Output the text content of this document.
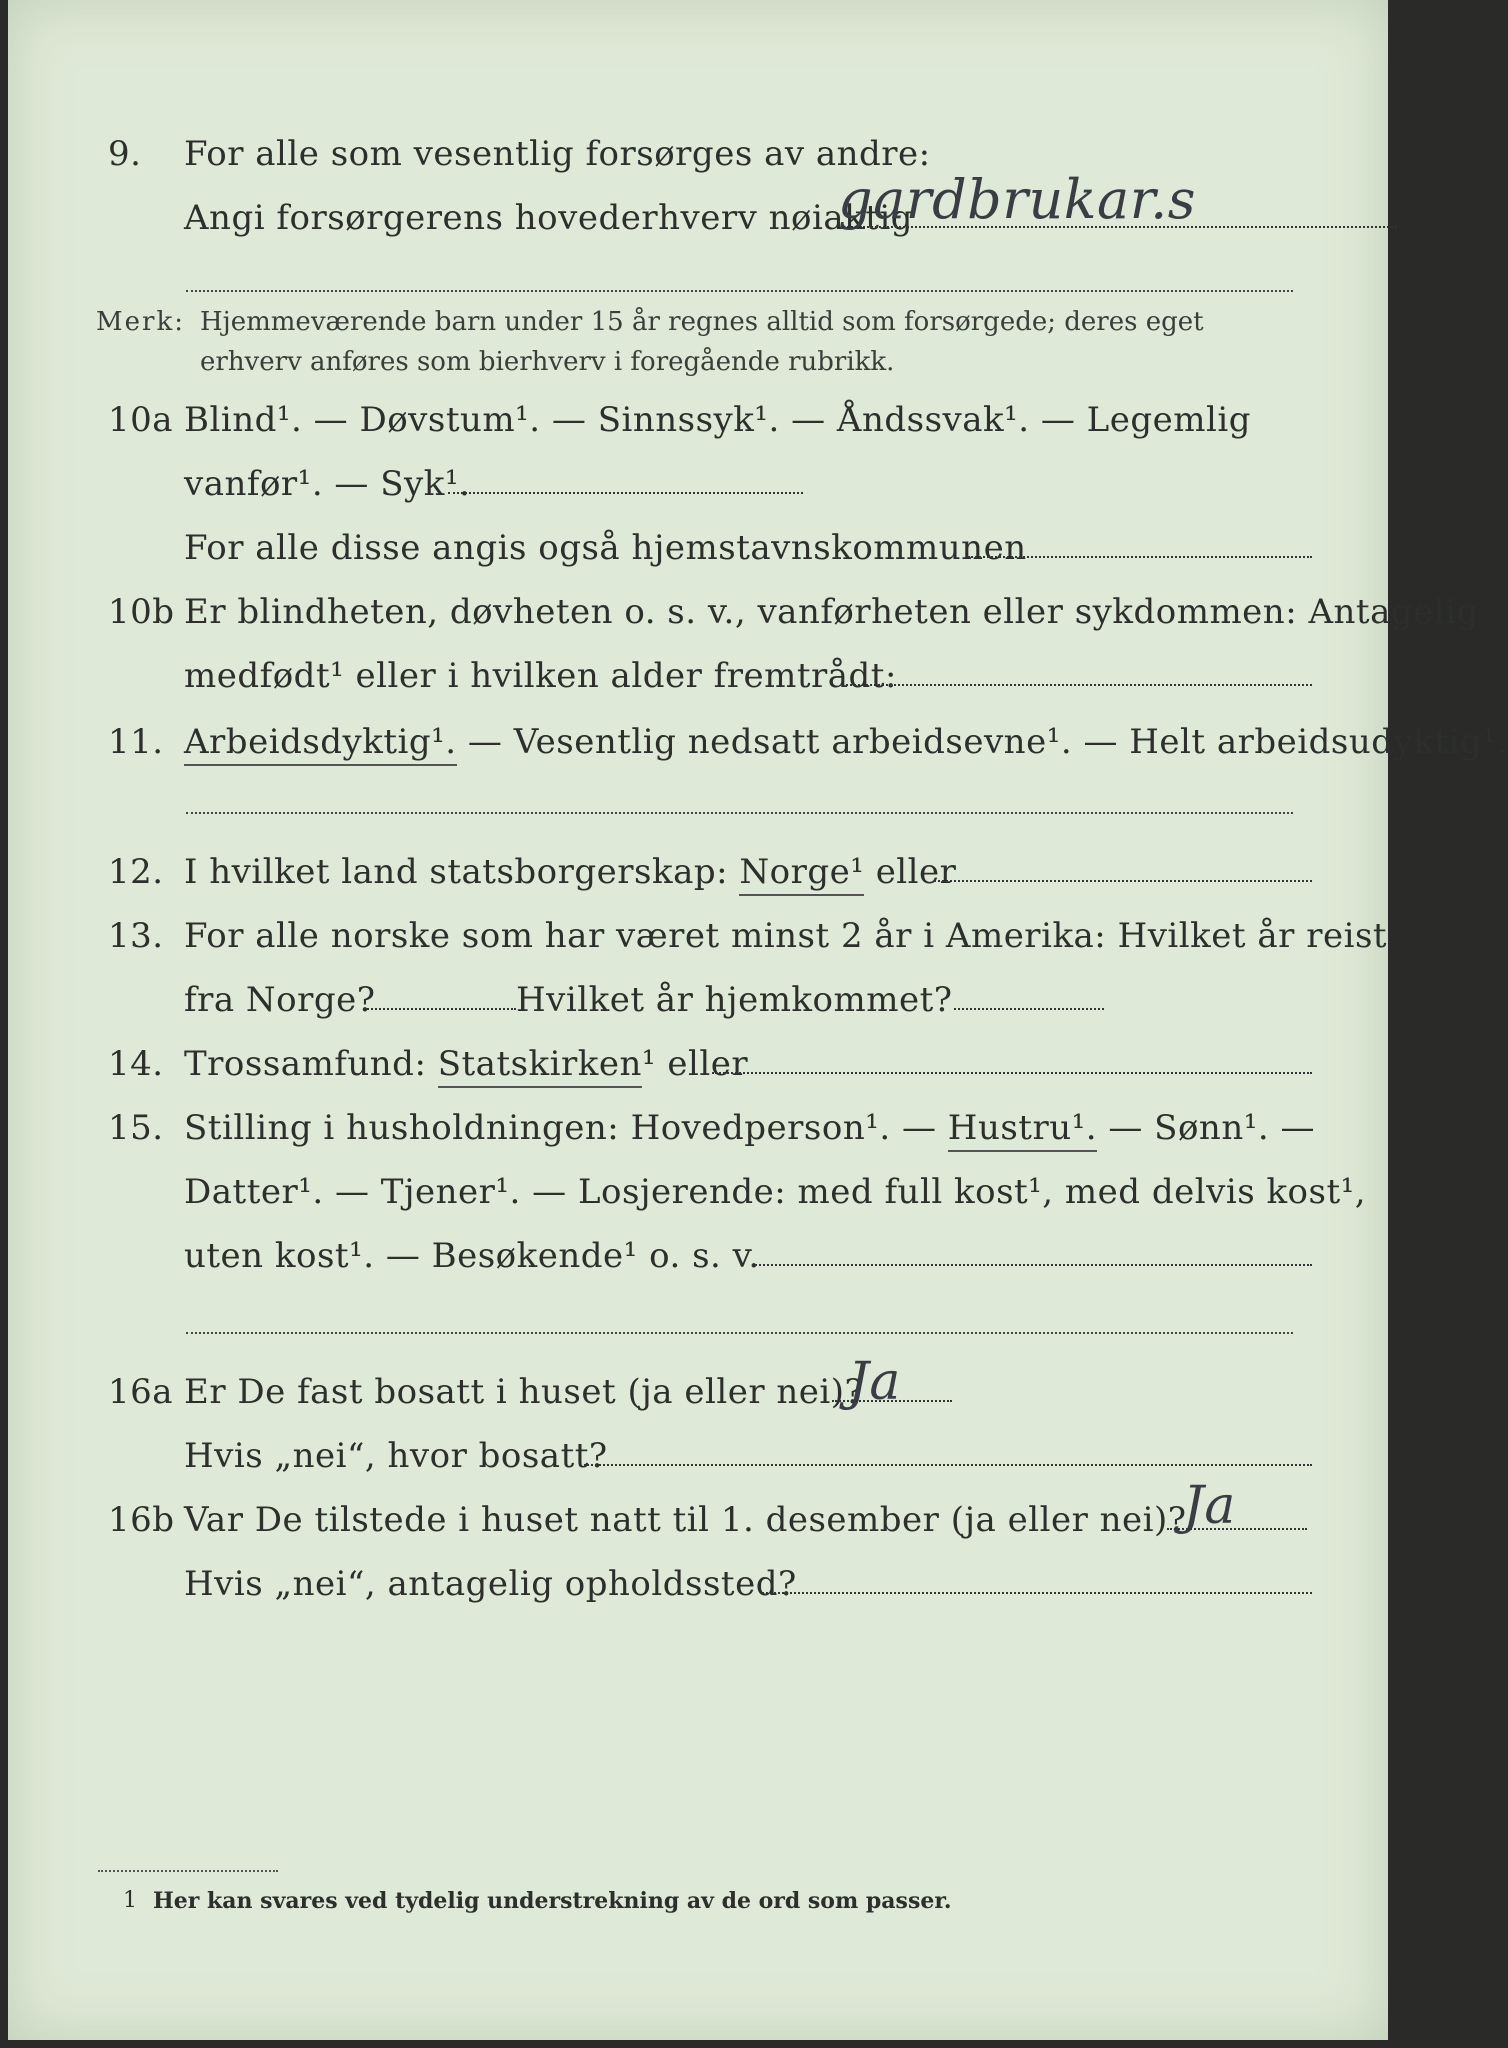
9.	For alle som vesentlig forsørges av andre:
Angi forsørgerens hovederhverv nøiaktig
gardbrukar.s
Merk: Hjemmeværende barn under 15 år regnes alltid som forsørgede; deres eget erhverv anføres som bierhverv i foregående rubrikk.
10a Blind¹. — Døvstum¹. — Sinnssyk¹. — Åndssvak¹. — Legemlig
vanfør¹. — Syk¹.
For alle disse angis også hjemstavnskommunen
10b Er blindheten, døvheten o. s. v., vanførheten eller sykdommen: Antagelig
medfødt¹ eller i hvilken alder fremtrådt:
11. Arbeidsdyktig¹. — Vesentlig nedsatt arbeidsevne¹. — Helt arbeidsudyktig¹.
12. I hvilket land statsborgerskap: Norge¹ eller
13. For alle norske som har været minst 2 år i Amerika: Hvilket år reist
fra Norge?	Hvilket år hjemkommet?
14. Trossamfund: Statskirken¹ eller
15. Stilling i husholdningen: Hovedperson¹. — Hustru¹. — Sønn¹. —
Datter¹. — Tjener¹. — Losjerende: med full kost¹, med delvis kost¹,
uten kost¹. — Besøkende¹ o. s. v.
16a Er De fast bosatt i huset (ja eller nei)?
Ja
Hvis „nei“, hvor bosatt?
16b Var De tilstede i huset natt til 1. desember (ja eller nei)?
Ja
Hvis „nei“, antagelig opholdssted?
1 Her kan svares ved tydelig understrekning av de ord som passer.
